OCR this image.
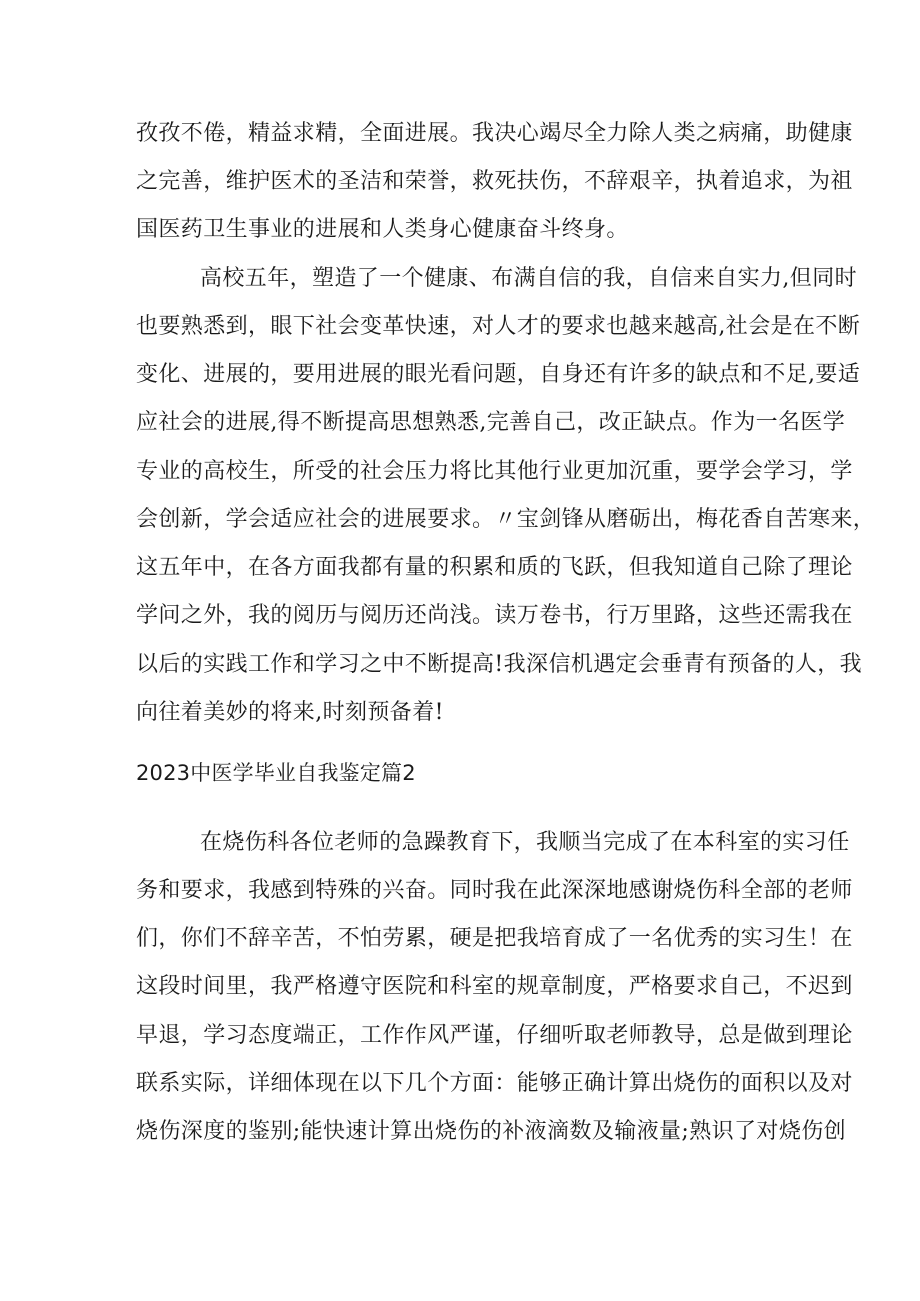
孜孜不倦，精益求精，全面进展。我决心竭尽全力除人类之病痛，助健康
之完善，维护医术的圣洁和荣誉，救死扶伤，不辞艰辛，执着追求，为祖
国医药卫生事业的进展和人类身心健康奋斗终身。
高校五年，塑造了一个健康、布满自信的我，自信来自实力,但同时
也要熟悉到，眼下社会变革快速，对人才的要求也越来越高,社会是在不断
变化、进展的，要用进展的眼光看问题，自身还有许多的缺点和不足,要适
应社会的进展,得不断提高思想熟悉,完善自己，改正缺点。作为一名医学
专业的高校生，所受的社会压力将比其他行业更加沉重，要学会学习，学
会创新，学会适应社会的进展要求。〃宝剑锋从磨砺出，梅花香自苦寒来，
这五年中，在各方面我都有量的积累和质的飞跃，但我知道自己除了理论
学问之外，我的阅历与阅历还尚浅。读万卷书，行万里路，这些还需我在
以后的实践工作和学习之中不断提高!我深信机遇定会垂青有预备的人，我
向往着美妙的将来,时刻预备着!
2023中医学毕业自我鉴定篇2
在烧伤科各位老师的急躁教育下，我顺当完成了在本科室的实习任
务和要求，我感到特殊的兴奋。同时我在此深深地感谢烧伤科全部的老师
们，你们不辞辛苦，不怕劳累，硬是把我培育成了一名优秀的实习生！在
这段时间里，我严格遵守医院和科室的规章制度，严格要求自己，不迟到
早退，学习态度端正，工作作风严谨，仔细听取老师教导，总是做到理论
联系实际，详细体现在以下几个方面：能够正确计算出烧伤的面积以及对
烧伤深度的鉴别;能快速计算出烧伤的补液滴数及输液量;熟识了对烧伤创
